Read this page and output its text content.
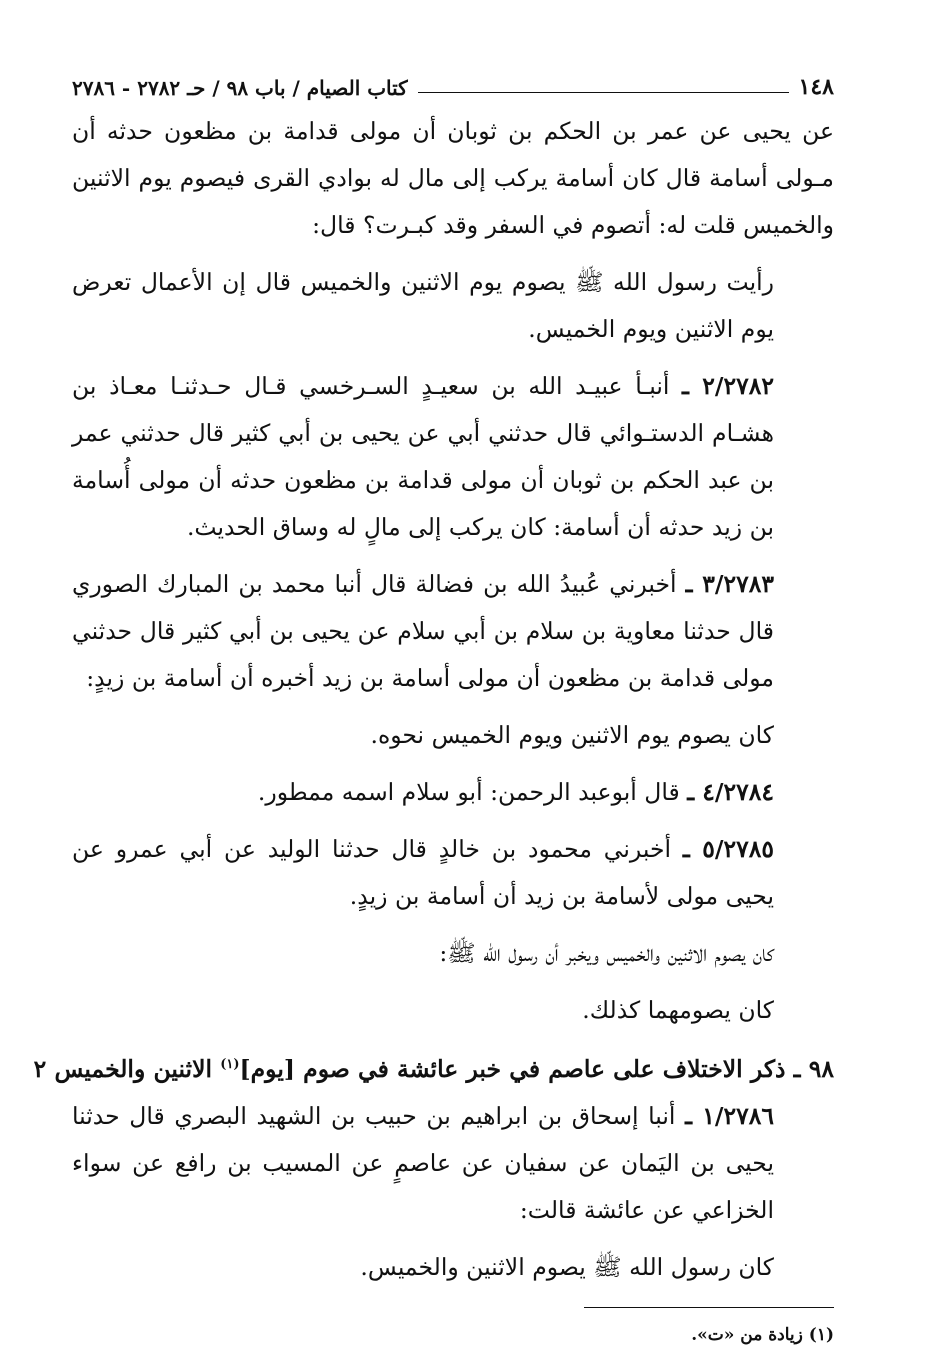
١٤٨
كتاب الصيام / باب ٩٨ / حـ ٢٧٨٢ - ٢٧٨٦

عن يحيى عن عمر بن الحكم بن ثوبان أن مولى قدامة بن مظعون حدثه أن مـولى أسامة قال كان أسامة يركب إلى مال له بوادي القرى فيصوم يوم الاثنين والخميس قلت له: أتصوم في السفر وقد كبـرت؟ قال:

رأيت رسول الله ﷺ يصوم يوم الاثنين والخميس قال إن الأعمال تعرض يوم الاثنين ويوم الخميس.

٢/٢٧٨٢ ـ أنبـأ عبيـد الله بن سعيـدٍ السـرخسي قـال حـدثنـا معـاذ بن هشـام الدستـوائي قال حدثني أبي عن يحيى بن أبي كثير قال حدثني عمر بن عبد الحكم بن ثوبان أن مولى قدامة بن مظعون حدثه أن مولى أُسامة بن زيد حدثه أن أسامة: كان يركب إلى مالٍ له وساق الحديث.

٣/٢٧٨٣ ـ أخبرني عُبيدُ الله بن فضالة قال أنبا محمد بن المبارك الصوري قال حدثنا معاوية بن سلام بن أبي سلام عن يحيى بن أبي كثير قال حدثني مولى قدامة بن مظعون أن مولى أسامة بن زيد أخبره أن أسامة بن زيدٍ:

كان يصوم يوم الاثنين ويوم الخميس نحوه.

٤/٢٧٨٤ ـ قال أبوعبد الرحمن: أبو سلام اسمه ممطور.

٥/٢٧٨٥ ـ أخبرني محمود بن خالدٍ قال حدثنا الوليد عن أبي عمرو عن يحيى مولى لأسامة بن زيد أن أسامة بن زيدٍ.

كان يصوم الاثنين والخميس ويخبر أن رسول الله ﷺ:

كان يصومهما كذلك.

٩٨ ـ ذكر الاختلاف على عاصم في خبر عائشة في صوم [يوم]$^{(١)}$ الاثنين والخميس ٢

١/٢٧٨٦ ـ أنبا إسحاق بن ابراهيم بن حبيب بن الشهيد البصري قال حدثنا يحيى بن اليَمان عن سفيان عن عاصمٍ عن المسيب بن رافع عن سواء الخزاعي عن عائشة قالت:

كان رسول الله ﷺ يصوم الاثنين والخميس.

(١) زيادة من «ت».
